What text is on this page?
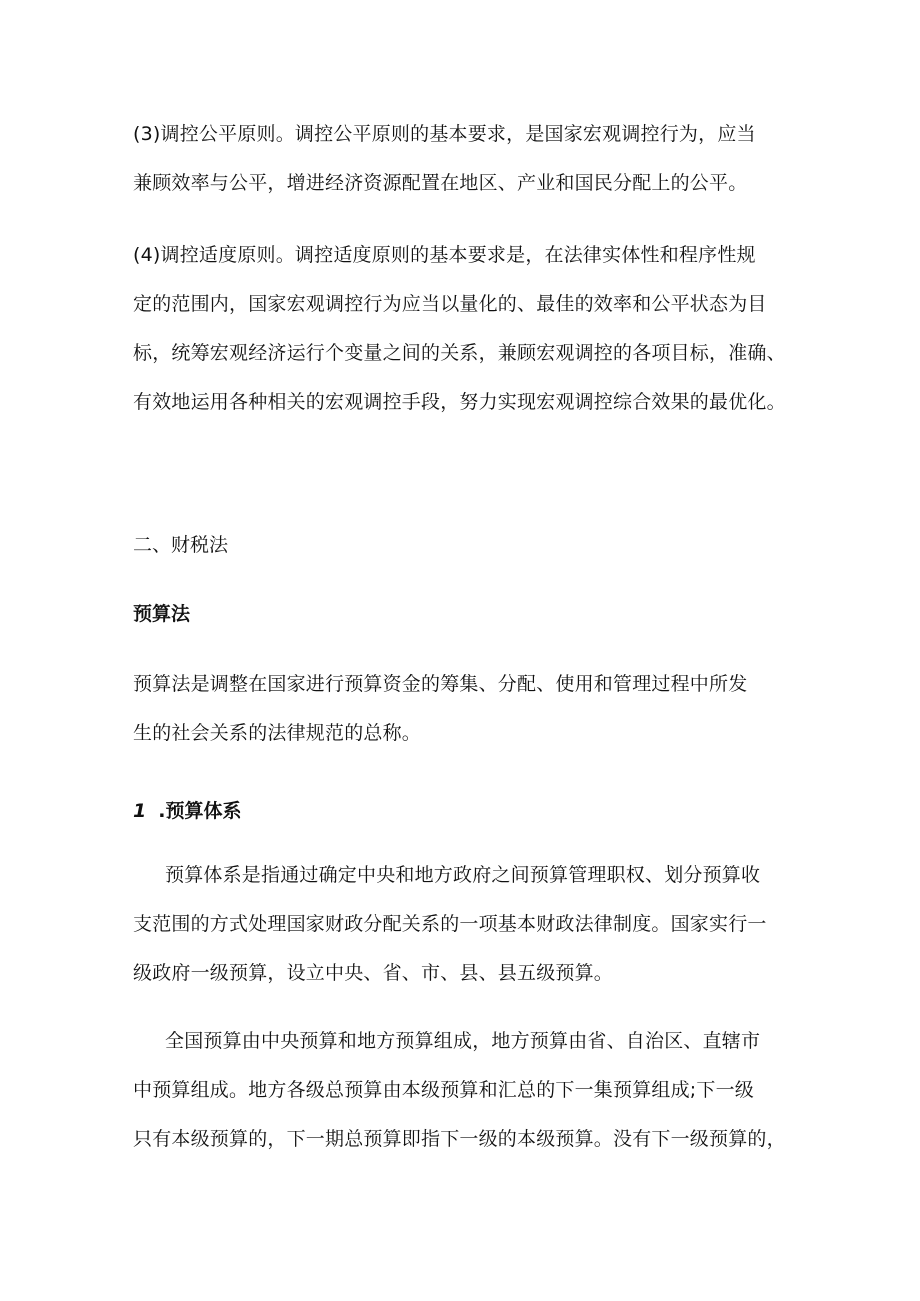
(3)调控公平原则。调控公平原则的基本要求，是国家宏观调控行为，应当
兼顾效率与公平，增进经济资源配置在地区、产业和国民分配上的公平。
(4)调控适度原则。调控适度原则的基本要求是，在法律实体性和程序性规
定的范围内，国家宏观调控行为应当以量化的、最佳的效率和公平状态为目
标，统筹宏观经济运行个变量之间的关系，兼顾宏观调控的各项目标，准确、
有效地运用各种相关的宏观调控手段，努力实现宏观调控综合效果的最优化。
二、财税法
预算法
预算法是调整在国家进行预算资金的筹集、分配、使用和管理过程中所发
生的社会关系的法律规范的总称。
1 .预算体系
预算体系是指通过确定中央和地方政府之间预算管理职权、划分预算收
支范围的方式处理国家财政分配关系的一项基本财政法律制度。国家实行一
级政府一级预算，设立中央、省、市、县、县五级预算。
全国预算由中央预算和地方预算组成，地方预算由省、自治区、直辖市
中预算组成。地方各级总预算由本级预算和汇总的下一集预算组成;下一级
只有本级预算的，下一期总预算即指下一级的本级预算。没有下一级预算的，
